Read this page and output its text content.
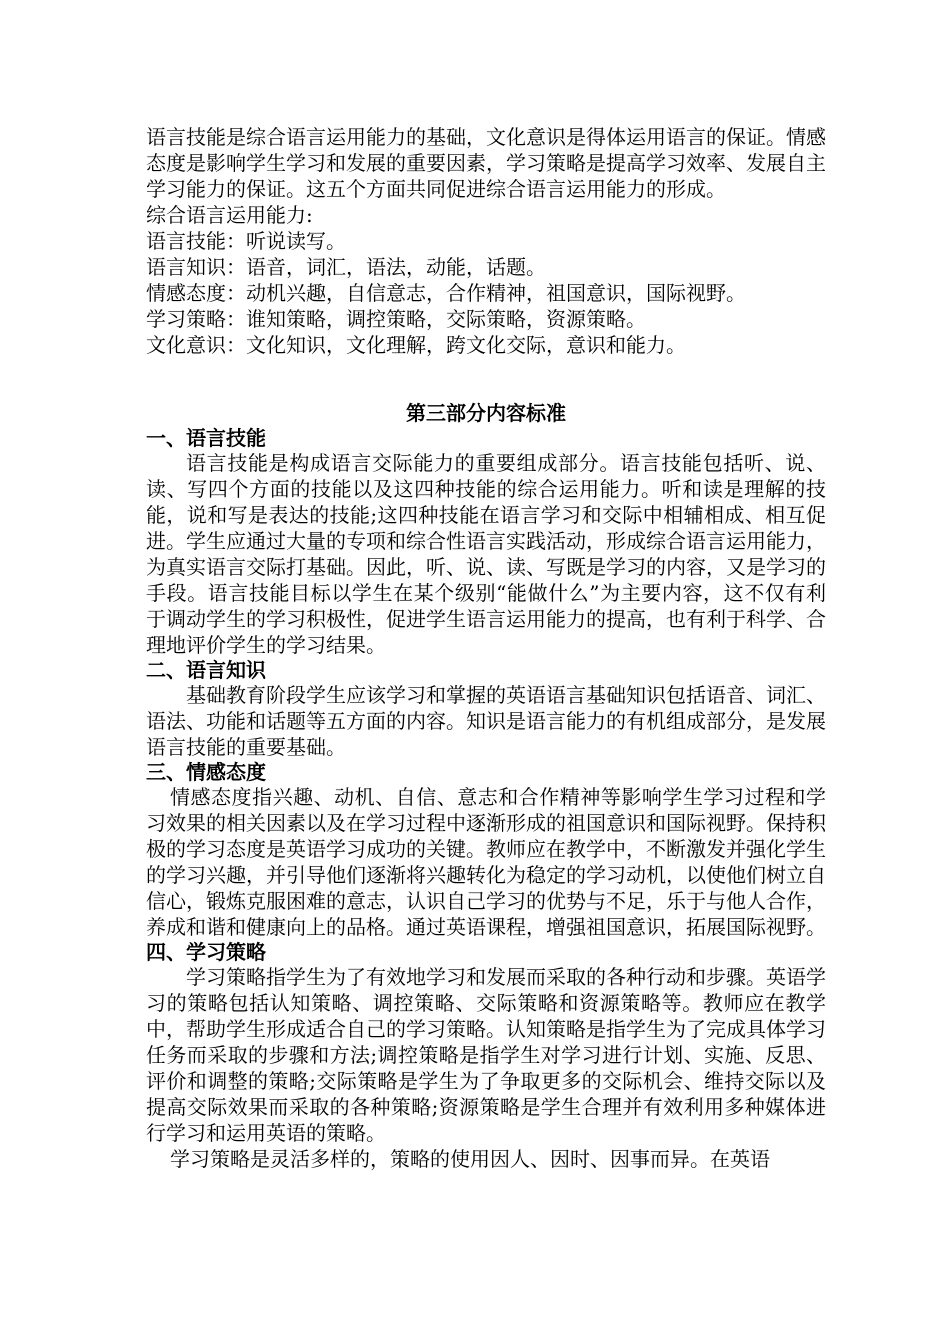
语言技能是综合语言运用能力的基础，文化意识是得体运用语言的保证。情感态度是影响学生学习和发展的重要因素，学习策略是提高学习效率、发展自主学习能力的保证。这五个方面共同促进综合语言运用能力的形成。

综合语言运用能力:

语言技能：听说读写。

语言知识：语音，词汇，语法，动能，话题。

情感态度：动机兴趣，自信意志，合作精神，祖国意识，国际视野。

学习策略：谁知策略，调控策略，交际策略，资源策略。

文化意识：文化知识，文化理解，跨文化交际，意识和能力。

第三部分内容标准
一、语言技能

语言技能是构成语言交际能力的重要组成部分。语言技能包括听、说、读、写四个方面的技能以及这四种技能的综合运用能力。听和读是理解的技能，说和写是表达的技能;这四种技能在语言学习和交际中相辅相成、相互促进。学生应通过大量的专项和综合性语言实践活动，形成综合语言运用能力，为真实语言交际打基础。因此，听、说、读、写既是学习的内容，又是学习的手段。语言技能目标以学生在某个级别“能做什么”为主要内容，这不仅有利于调动学生的学习积极性，促进学生语言运用能力的提高，也有利于科学、合理地评价学生的学习结果。

二、语言知识

基础教育阶段学生应该学习和掌握的英语语言基础知识包括语音、词汇、语法、功能和话题等五方面的内容。知识是语言能力的有机组成部分，是发展语言技能的重要基础。

三、情感态度

情感态度指兴趣、动机、自信、意志和合作精神等影响学生学习过程和学习效果的相关因素以及在学习过程中逐渐形成的祖国意识和国际视野。保持积极的学习态度是英语学习成功的关键。教师应在教学中，不断激发并强化学生的学习兴趣，并引导他们逐渐将兴趣转化为稳定的学习动机，以使他们树立自信心，锻炼克服困难的意志，认识自己学习的优势与不足，乐于与他人合作，养成和谐和健康向上的品格。通过英语课程，增强祖国意识，拓展国际视野。

四、学习策略

学习策略指学生为了有效地学习和发展而采取的各种行动和步骤。英语学习的策略包括认知策略、调控策略、交际策略和资源策略等。教师应在教学中，帮助学生形成适合自己的学习策略。认知策略是指学生为了完成具体学习任务而采取的步骤和方法;调控策略是指学生对学习进行计划、实施、反思、评价和调整的策略;交际策略是学生为了争取更多的交际机会、维持交际以及提高交际效果而采取的各种策略;资源策略是学生合理并有效利用多种媒体进行学习和运用英语的策略。

学习策略是灵活多样的，策略的使用因人、因时、因事而异。在英语
